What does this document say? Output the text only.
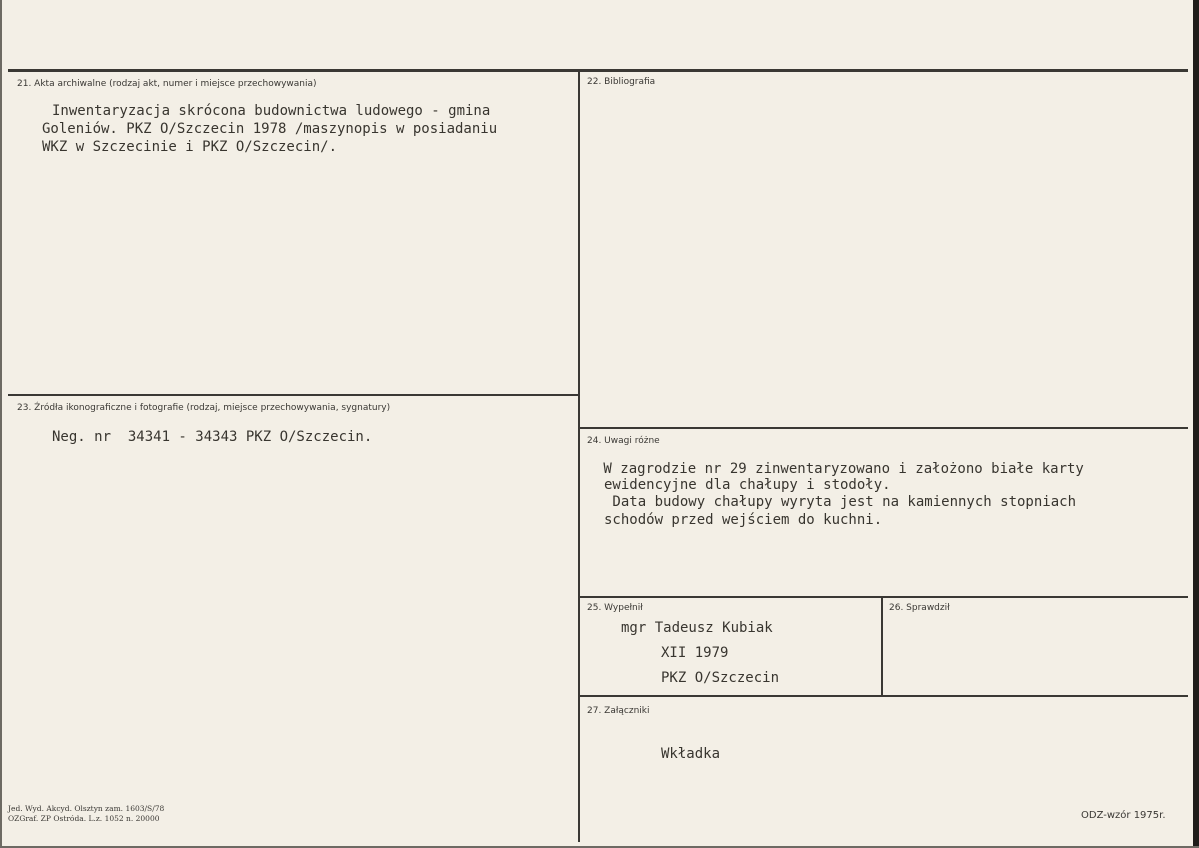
21. Akta archiwalne (rodzaj akt, numer i miejsce przechowywania)
Inwentaryzacja skrócona budownictwa ludowego - gmina
Goleniów. PKZ O/Szczecin 1978 /maszynopis w posiadaniu
WKZ w Szczecinie i PKZ O/Szczecin/.
22. Bibliografia
23. Źródła ikonograficzne i fotografie (rodzaj, miejsce przechowywania, sygnatury)
Neg. nr  34341 - 34343 PKZ O/Szczecin.	24. Uwagi różne
W zagrodzie nr 29 zinwentaryzowano i założono białe karty
ewidencyjne dla chałupy i stodoły.
Data budowy chałupy wyryta jest na kamiennych stopniach
schodów przed wejściem do kuchni.
25. Wypełnił
mgr Tadeusz Kubiak
XII 1979
PKZ O/Szczecin
26. Sprawdził
27. Załączniki
Wkładka
Jed. Wyd. Akcyd. Olsztyn zam. 1603/S/78
OZGraf. ZP Ostróda. L.z. 1052 n. 20000	ODZ-wzór 1975r.
